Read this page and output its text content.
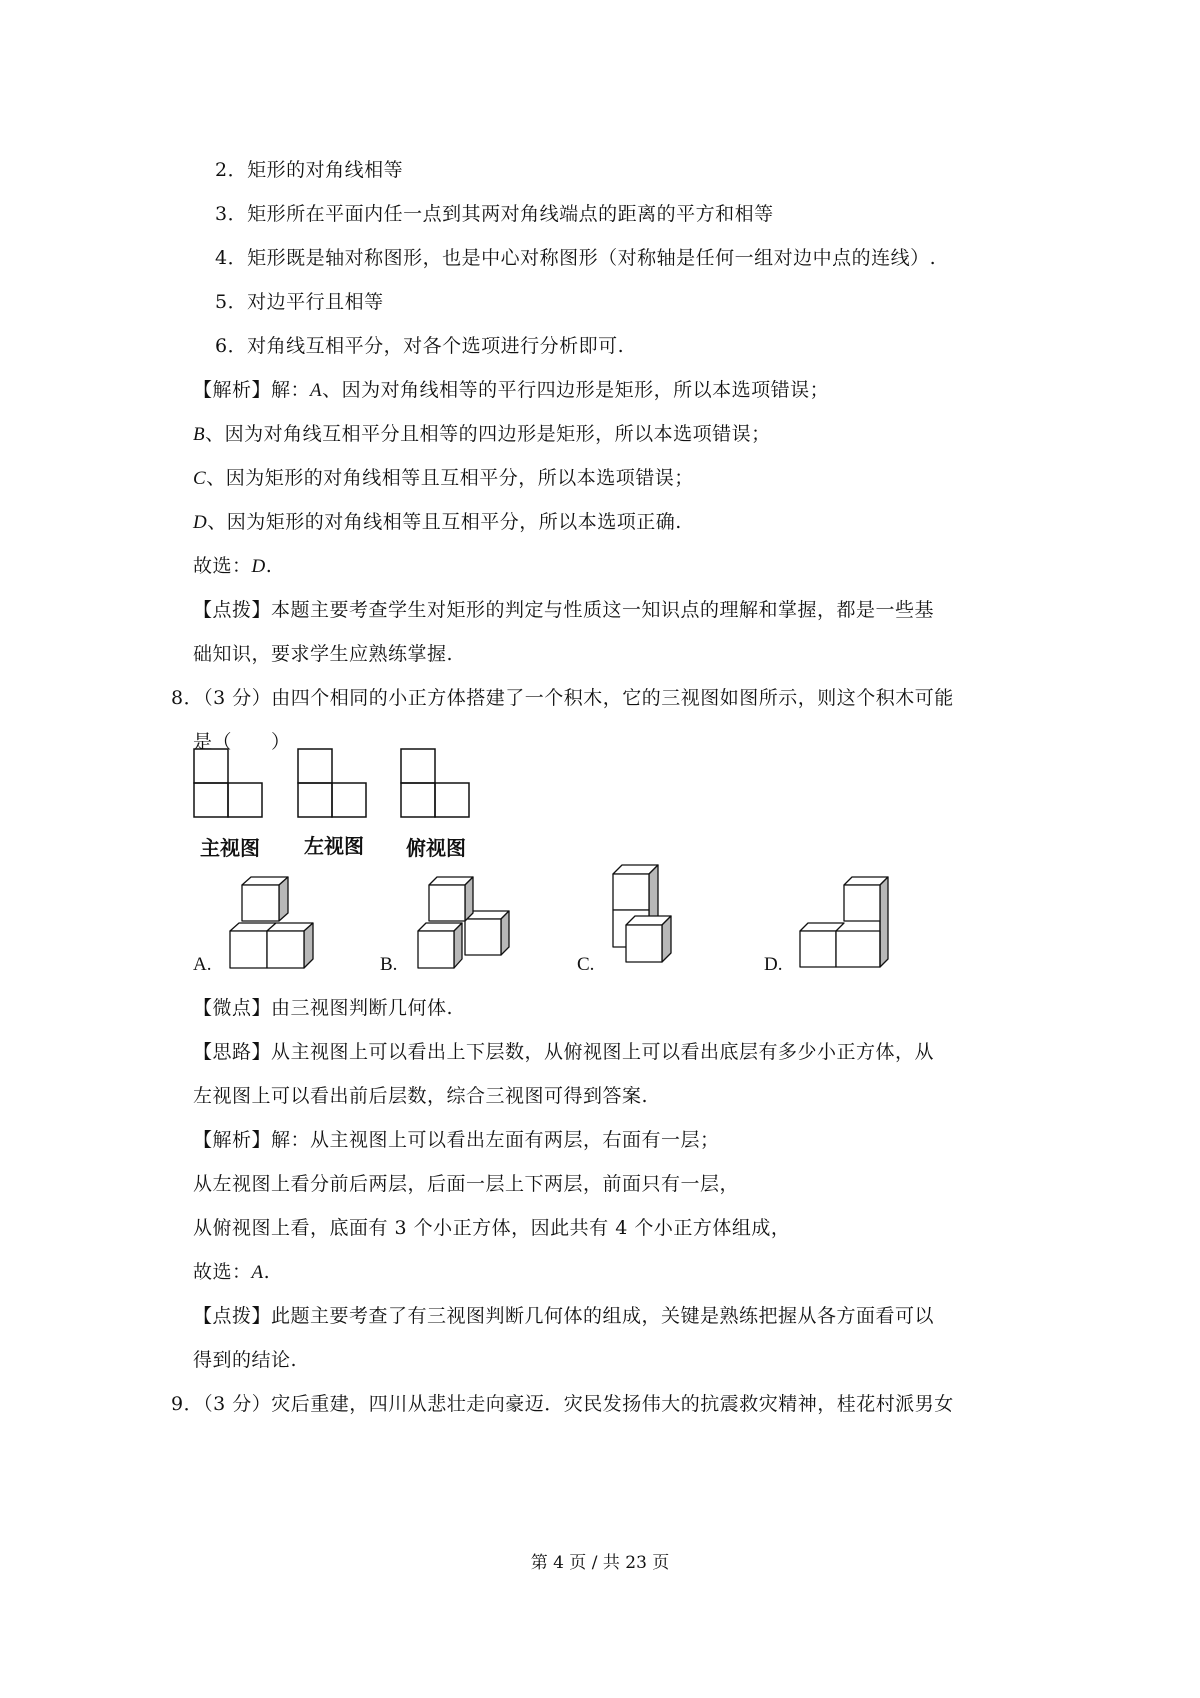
2．矩形的对角线相等
3．矩形所在平面内任一点到其两对角线端点的距离的平方和相等
4．矩形既是轴对称图形，也是中心对称图形（对称轴是任何一组对边中点的连线）.
5．对边平行且相等
6．对角线互相平分，对各个选项进行分析即可.
【解析】解：A、因为对角线相等的平行四边形是矩形，所以本选项错误；
B、因为对角线互相平分且相等的四边形是矩形，所以本选项错误；
C、因为矩形的对角线相等且互相平分，所以本选项错误；
D、因为矩形的对角线相等且互相平分，所以本选项正确.
故选：D.
【点拨】本题主要考查学生对矩形的判定与性质这一知识点的理解和掌握，都是一些基
础知识，要求学生应熟练掌握.
8．（3 分）由四个相同的小正方体搭建了一个积木，它的三视图如图所示，则这个积木可能
是（　　）
主视图 左视图 俯视图
A.	B.	C.	D.
【微点】由三视图判断几何体.
【思路】从主视图上可以看出上下层数，从俯视图上可以看出底层有多少小正方体，从
左视图上可以看出前后层数，综合三视图可得到答案.
【解析】解：从主视图上可以看出左面有两层，右面有一层；
从左视图上看分前后两层，后面一层上下两层，前面只有一层，
从俯视图上看，底面有 3 个小正方体，因此共有 4 个小正方体组成，
故选：A.
【点拨】此题主要考查了有三视图判断几何体的组成，关键是熟练把握从各方面看可以
得到的结论.
9．（3 分）灾后重建，四川从悲壮走向豪迈．灾民发扬伟大的抗震救灾精神，桂花村派男女
第 4 页 / 共 23 页
